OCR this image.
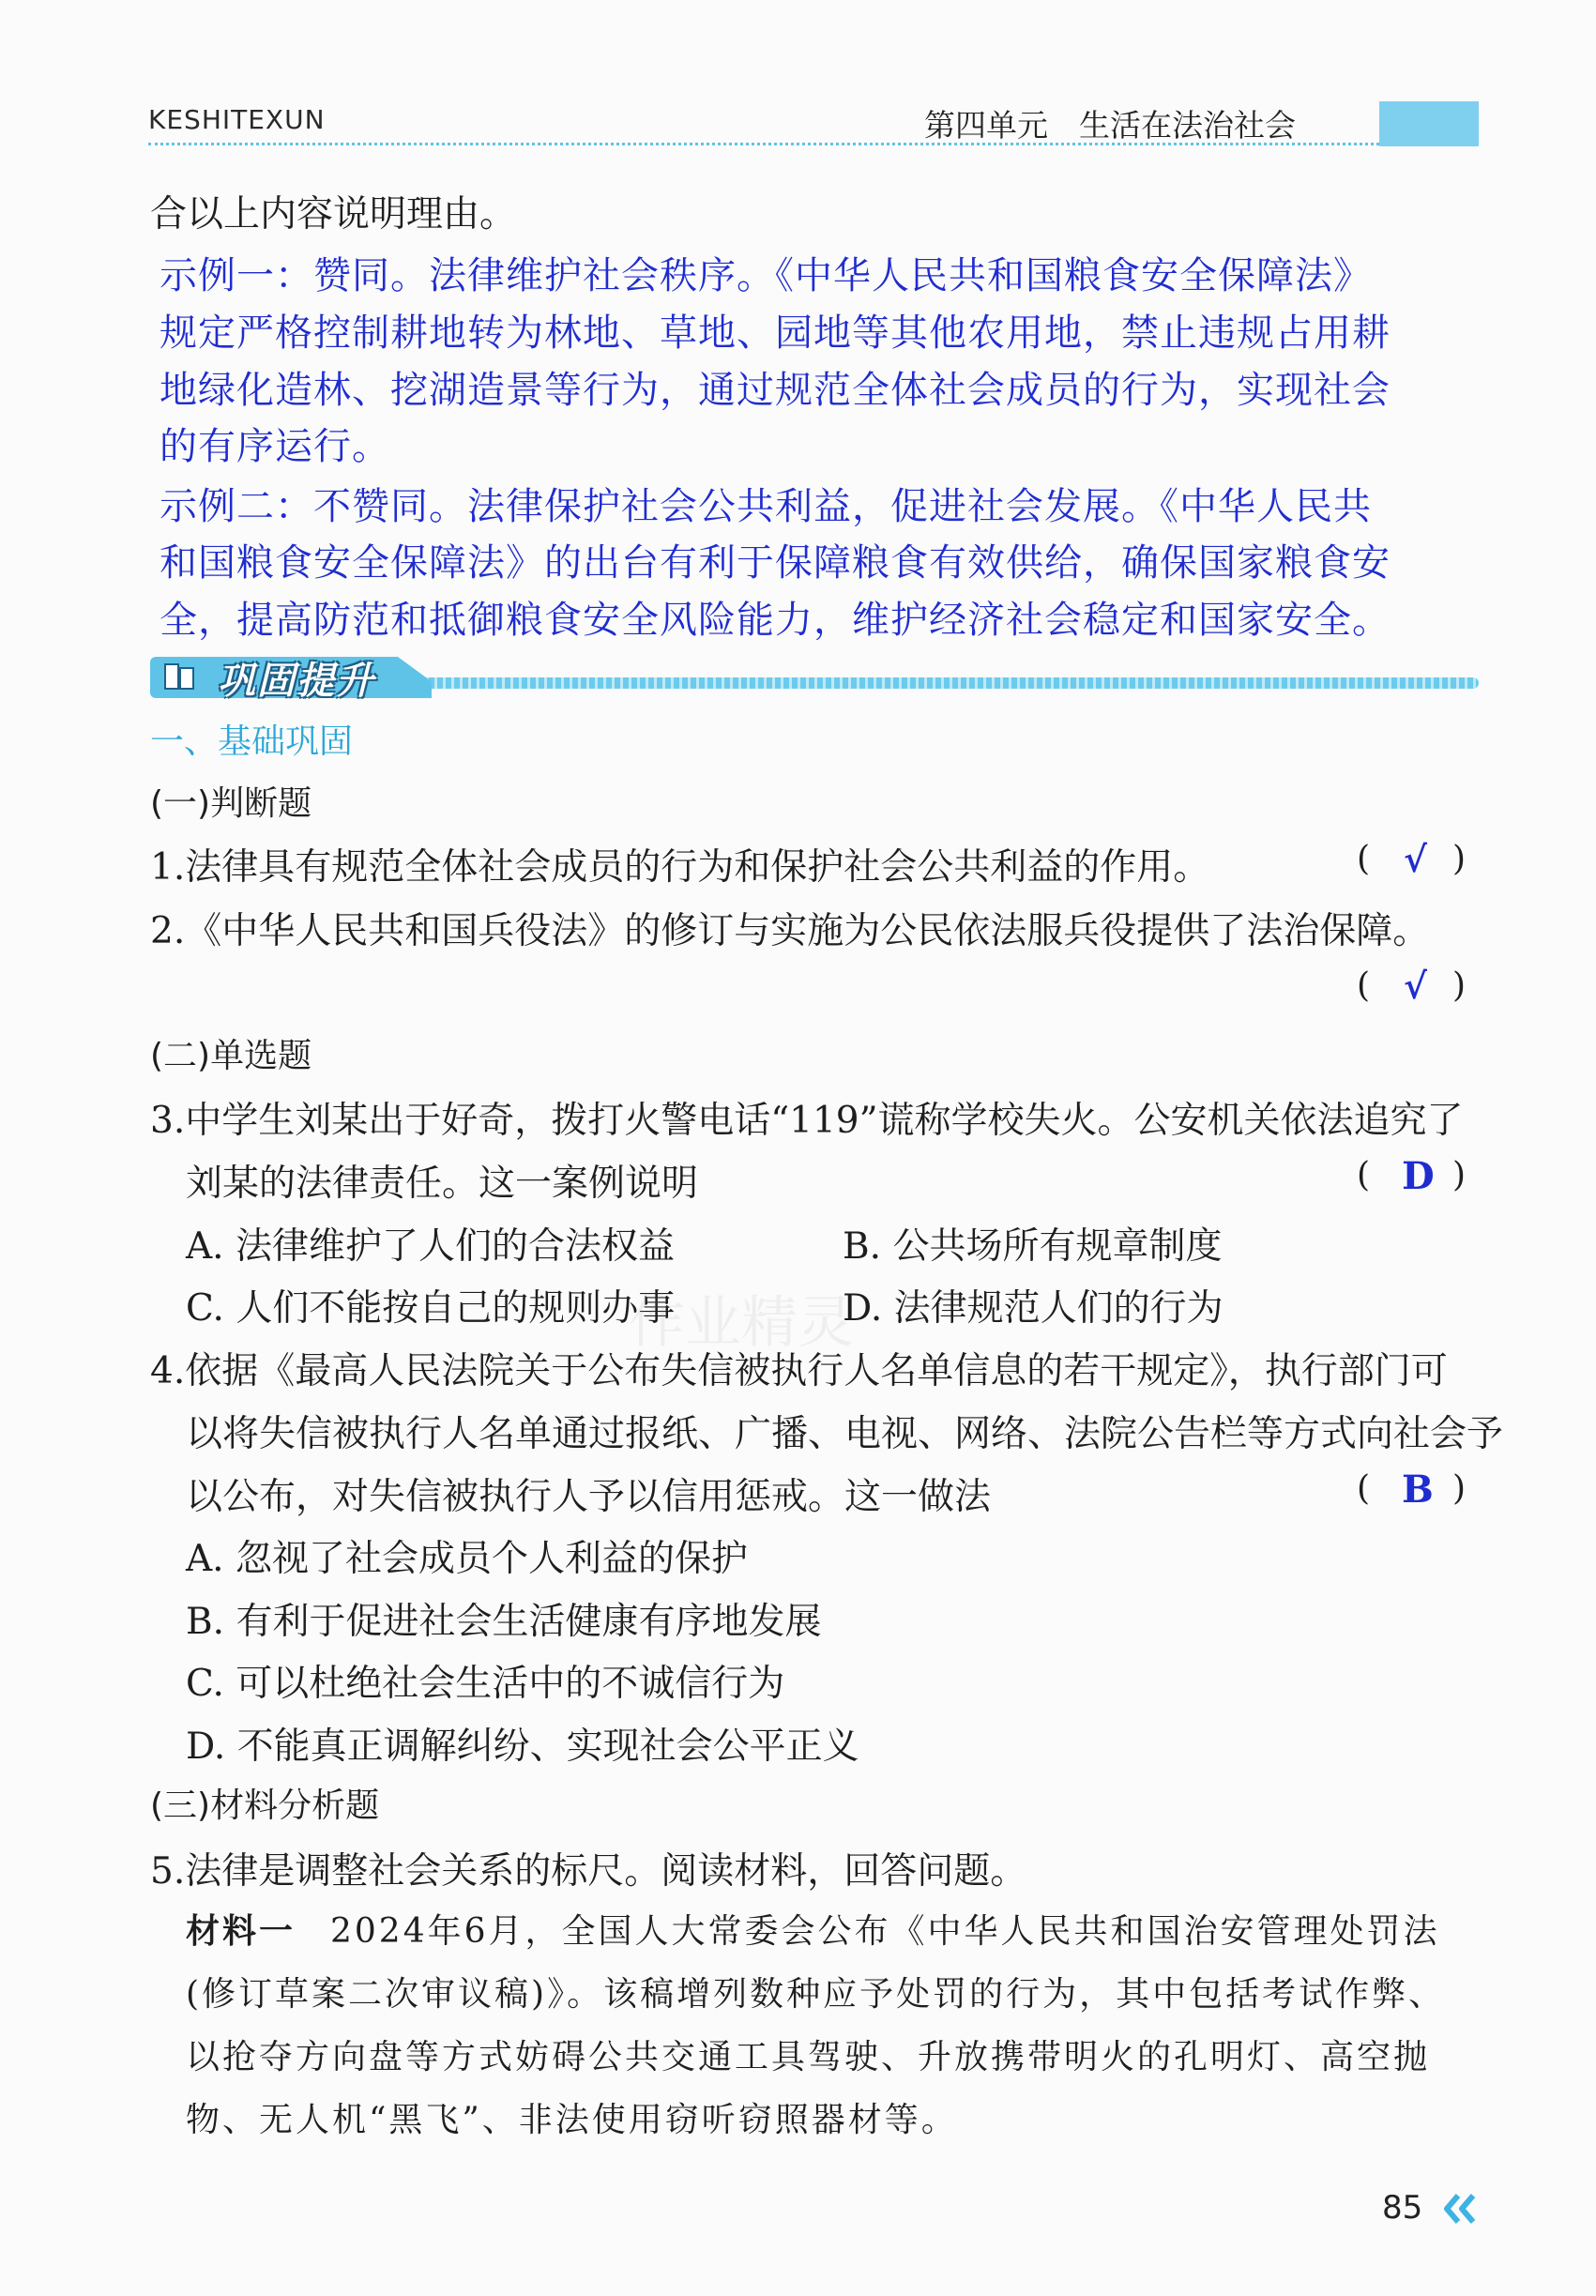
KESHITEXUN	第四单元　生活在法治社会
合以上内容说明理由。
示例一：赞同。法律维护社会秩序。《中华人民共和国粮食安全保障法》
规定严格控制耕地转为林地、草地、园地等其他农用地，禁止违规占用耕
地绿化造林、挖湖造景等行为，通过规范全体社会成员的行为，实现社会
的有序运行。
示例二：不赞同。法律保护社会公共利益，促进社会发展。《中华人民共
和国粮食安全保障法》的出台有利于保障粮食有效供给，确保国家粮食安
全，提高防范和抵御粮食安全风险能力，维护经济社会稳定和国家安全。
巩固提升
一、基础巩固
(一)判断题
1.法律具有规范全体社会成员的行为和保护社会公共利益的作用。	( √ )
2.《中华人民共和国兵役法》的修订与实施为公民依法服兵役提供了法治保障。
( √ )
(二)单选题
3.中学生刘某出于好奇，拨打火警电话“119”谎称学校失火。公安机关依法追究了
刘某的法律责任。这一案例说明	( D )
A. 法律维护了人们的合法权益	B. 公共场所有规章制度
C. 人们不能按自己的规则办事	D. 法律规范人们的行为
作业精灵
4.依据《最高人民法院关于公布失信被执行人名单信息的若干规定》，执行部门可
以将失信被执行人名单通过报纸、广播、电视、网络、法院公告栏等方式向社会予
以公布，对失信被执行人予以信用惩戒。这一做法	( B )
A. 忽视了社会成员个人利益的保护
B. 有利于促进社会生活健康有序地发展
C. 可以杜绝社会生活中的不诚信行为
D. 不能真正调解纠纷、实现社会公平正义
(三)材料分析题
5.法律是调整社会关系的标尺。阅读材料，回答问题。
材料一 2024年6月，全国人大常委会公布《中华人民共和国治安管理处罚法
(修订草案二次审议稿)》。该稿增列数种应予处罚的行为，其中包括考试作弊、
以抢夺方向盘等方式妨碍公共交通工具驾驶、升放携带明火的孔明灯、高空抛
物、无人机“黑飞”、非法使用窃听窃照器材等。
85
